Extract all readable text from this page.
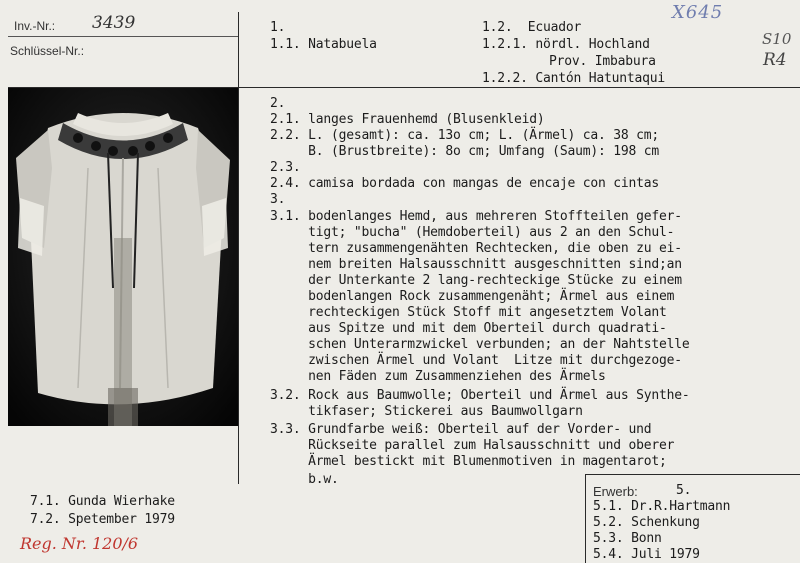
Inv.-Nr.: 3439
Schlüssel-Nr.:
1.
1.1. Natabuela
1.2.  Ecuador
1.2.1. nördl. Hochland
Prov. Imbabura
1.2.2. Cantón Hatuntaqui
X645
S10
R4
2.
2.1. langes Frauenhemd (Blusenkleid)
2.2. L. (gesamt): ca. 13o cm; L. (Ärmel) ca. 38 cm;
B. (Brustbreite): 8o cm; Umfang (Saum): 198 cm
2.3.
2.4. camisa bordada con mangas de encaje con cintas
3.
3.1. bodenlanges Hemd, aus mehreren Stoffteilen gefer-
tigt; "bucha" (Hemdoberteil) aus 2 an den Schul-
tern zusammengenähten Rechtecken, die oben zu ei-
nem breiten Halsausschnitt ausgeschnitten sind;an
der Unterkante 2 lang-rechteckige Stücke zu einem
bodenlangen Rock zusammengenäht; Ärmel aus einem
rechteckigen Stück Stoff mit angesetztem Volant
aus Spitze und mit dem Oberteil durch quadrati-
schen Unterarmzwickel verbunden; an der Nahtstelle
zwischen Ärmel und Volant  Litze mit durchgezoge-
nen Fäden zum Zusammenziehen des Ärmels
3.2. Rock aus Baumwolle; Oberteil und Ärmel aus Synthe-
tikfaser; Stickerei aus Baumwollgarn
3.3. Grundfarbe weiß: Oberteil auf der Vorder- und
Rückseite parallel zum Halsausschnitt und oberer
Ärmel bestickt mit Blumenmotiven in magentarot;
b.w.
7.1. Gunda Wierhake
7.2. Spetember 1979
Reg. Nr. 120/6
Erwerb:	5.
5.1. Dr.R.Hartmann
5.2. Schenkung
5.3. Bonn
5.4. Juli 1979
